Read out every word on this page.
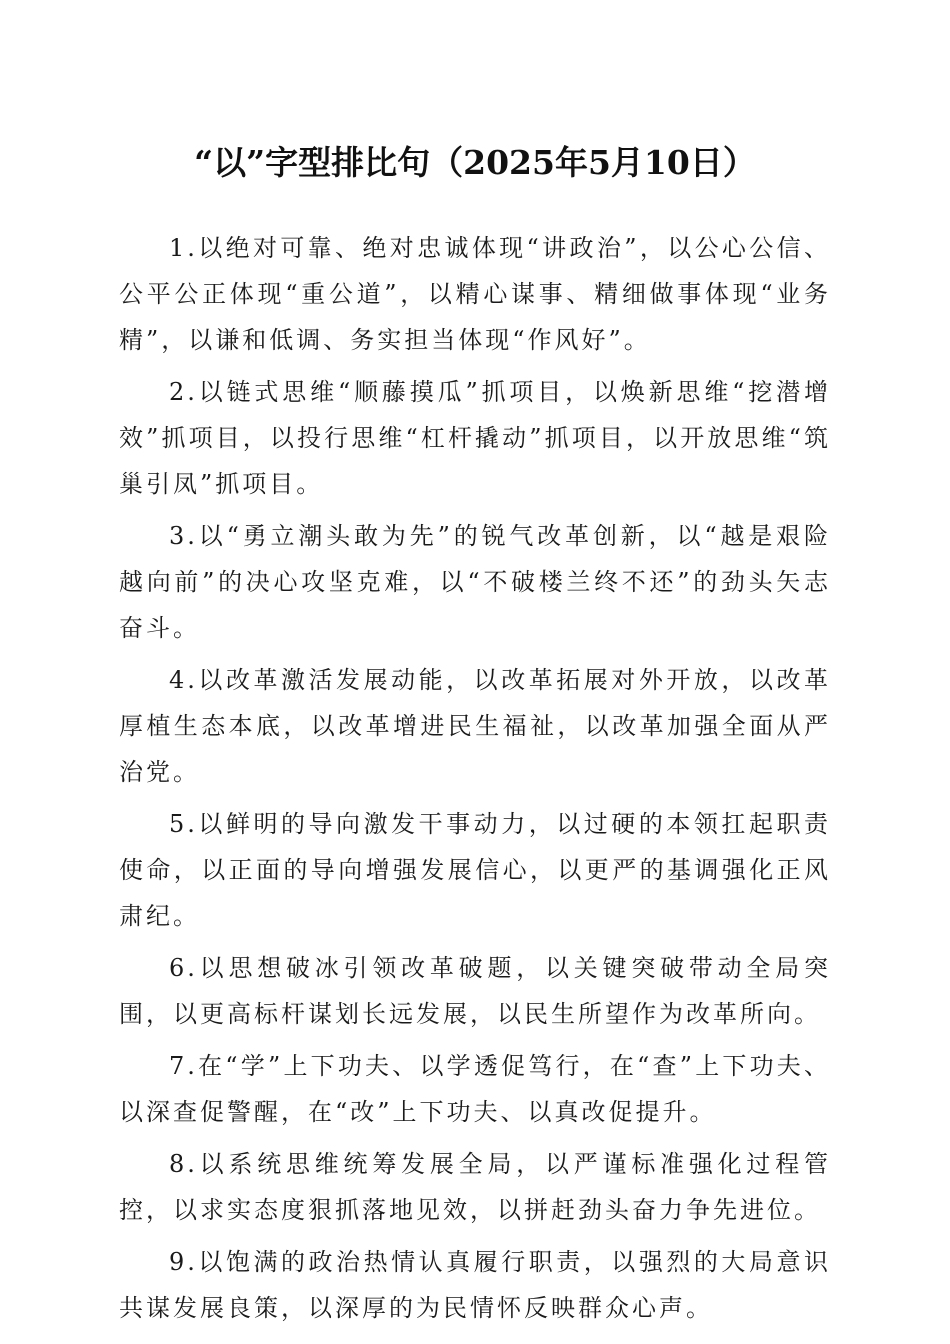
“以”字型排比句（2025年5月10日）

1.以绝对可靠、绝对忠诚体现“讲政治”，以公心公信、公平公正体现“重公道”，以精心谋事、精细做事体现“业务精”，以谦和低调、务实担当体现“作风好”。

2.以链式思维“顺藤摸瓜”抓项目，以焕新思维“挖潜增效”抓项目，以投行思维“杠杆撬动”抓项目，以开放思维“筑巢引凤”抓项目。

3.以“勇立潮头敢为先”的锐气改革创新，以“越是艰险越向前”的决心攻坚克难，以“不破楼兰终不还”的劲头矢志奋斗。

4.以改革激活发展动能，以改革拓展对外开放，以改革厚植生态本底，以改革增进民生福祉，以改革加强全面从严治党。

5.以鲜明的导向激发干事动力，以过硬的本领扛起职责使命，以正面的导向增强发展信心，以更严的基调强化正风肃纪。

6.以思想破冰引领改革破题，以关键突破带动全局突围，以更高标杆谋划长远发展，以民生所望作为改革所向。

7.在“学”上下功夫、以学透促笃行，在“查”上下功夫、以深查促警醒，在“改”上下功夫、以真改促提升。

8.以系统思维统筹发展全局，以严谨标准强化过程管控，以求实态度狠抓落地见效，以拼赶劲头奋力争先进位。

9.以饱满的政治热情认真履行职责，以强烈的大局意识共谋发展良策，以深厚的为民情怀反映群众心声。
